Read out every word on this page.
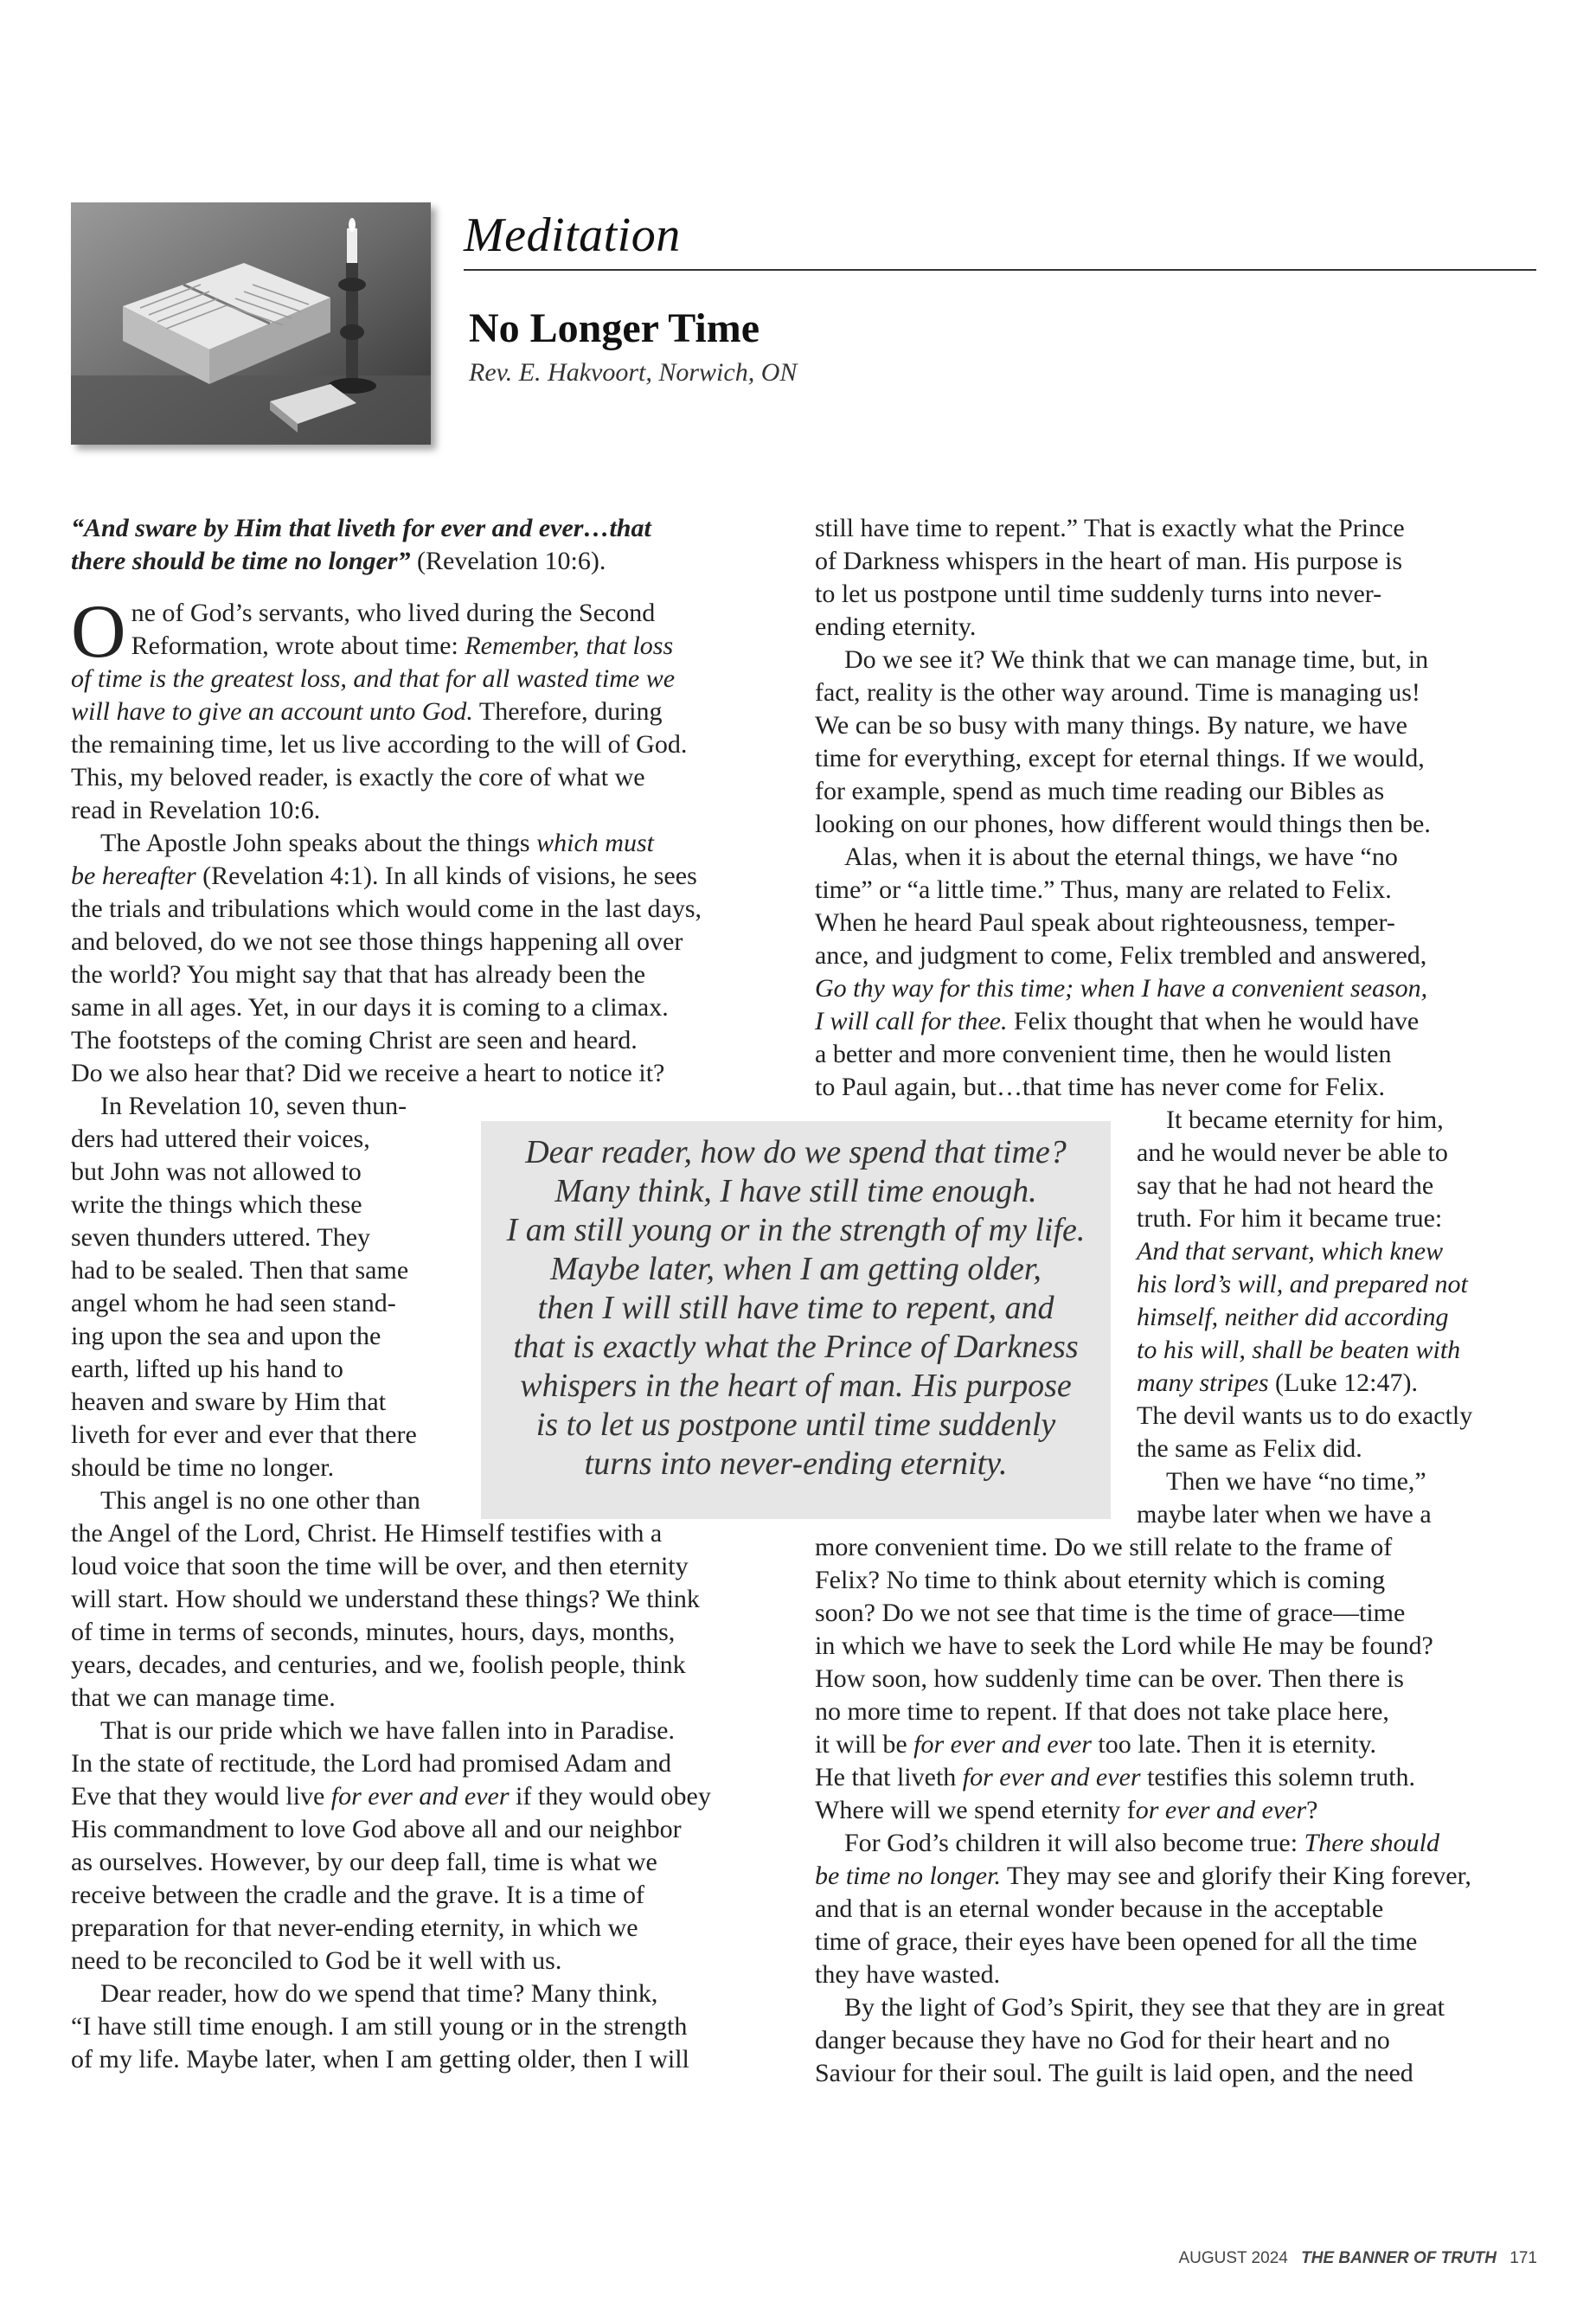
Meditation
No Longer Time
Rev. E. Hakvoort, Norwich, ON

“And sware by Him that liveth for ever and ever…that
there should be time no longer” (Revelation 10:6).

O ne of God’s servants, who lived during the Second
Reformation, wrote about time: Remember, that loss
of time is the greatest loss, and that for all wasted time we
will have to give an account unto God. Therefore, during
the remaining time, let us live according to the will of God.
This, my beloved reader, is exactly the core of what we
read in Revelation 10:6.

The Apostle John speaks about the things which must
be hereafter (Revelation 4:1). In all kinds of visions, he sees
the trials and tribulations which would come in the last days,
and beloved, do we not see those things happening all over
the world? You might say that that has already been the
same in all ages. Yet, in our days it is coming to a climax.
The footsteps of the coming Christ are seen and heard.
Do we also hear that? Did we receive a heart to notice it?

In Revelation 10, seven thun-
ders had uttered their voices,
but John was not allowed to
write the things which these
seven thunders uttered. They
had to be sealed. Then that same
angel whom he had seen stand-
ing upon the sea and upon the
earth, lifted up his hand to
heaven and sware by Him that
liveth for ever and ever that there
should be time no longer.

This angel is no one other than
the Angel of the Lord, Christ. He Himself testifies with a
loud voice that soon the time will be over, and then eternity
will start. How should we understand these things? We think
of time in terms of seconds, minutes, hours, days, months,
years, decades, and centuries, and we, foolish people, think
that we can manage time.

That is our pride which we have fallen into in Paradise.
In the state of rectitude, the Lord had promised Adam and
Eve that they would live for ever and ever if they would obey
His commandment to love God above all and our neighbor
as ourselves. However, by our deep fall, time is what we
receive between the cradle and the grave. It is a time of
preparation for that never-ending eternity, in which we
need to be reconciled to God be it well with us.

Dear reader, how do we spend that time? Many think,
“I have still time enough. I am still young or in the strength
of my life. Maybe later, when I am getting older, then I will

Dear reader, how do we spend that time?
Many think, I have still time enough.
I am still young or in the strength of my life.
Maybe later, when I am getting older,
then I will still have time to repent, and
that is exactly what the Prince of Darkness
whispers in the heart of man. His purpose
is to let us postpone until time suddenly
turns into never-ending eternity.

still have time to repent.” That is exactly what the Prince
of Darkness whispers in the heart of man. His purpose is
to let us postpone until time suddenly turns into never-
ending eternity.

Do we see it? We think that we can manage time, but, in
fact, reality is the other way around. Time is managing us!
We can be so busy with many things. By nature, we have
time for everything, except for eternal things. If we would,
for example, spend as much time reading our Bibles as
looking on our phones, how different would things then be.

Alas, when it is about the eternal things, we have “no
time” or “a little time.” Thus, many are related to Felix.
When he heard Paul speak about righteousness, temper-
ance, and judgment to come, Felix trembled and answered,
Go thy way for this time; when I have a convenient season,
I will call for thee. Felix thought that when he would have
a better and more convenient time, then he would listen
to Paul again, but…that time has never come for Felix.

It became eternity for him,
and he would never be able to
say that he had not heard the
truth. For him it became true:
And that servant, which knew
his lord’s will, and prepared not
himself, neither did according
to his will, shall be beaten with
many stripes (Luke 12:47).
The devil wants us to do exactly
the same as Felix did.

Then we have “no time,”
maybe later when we have a
more convenient time. Do we still relate to the frame of
Felix? No time to think about eternity which is coming
soon? Do we not see that time is the time of grace—time
in which we have to seek the Lord while He may be found?
How soon, how suddenly time can be over. Then there is
no more time to repent. If that does not take place here,
it will be for ever and ever too late. Then it is eternity.
He that liveth for ever and ever testifies this solemn truth.
Where will we spend eternity for ever and ever?

For God’s children it will also become true: There should
be time no longer. They may see and glorify their King forever,
and that is an eternal wonder because in the acceptable
time of grace, their eyes have been opened for all the time
they have wasted.

By the light of God’s Spirit, they see that they are in great
danger because they have no God for their heart and no
Saviour for their soul. The guilt is laid open, and the need

AUGUST 2024 THE BANNER OF TRUTH 171
